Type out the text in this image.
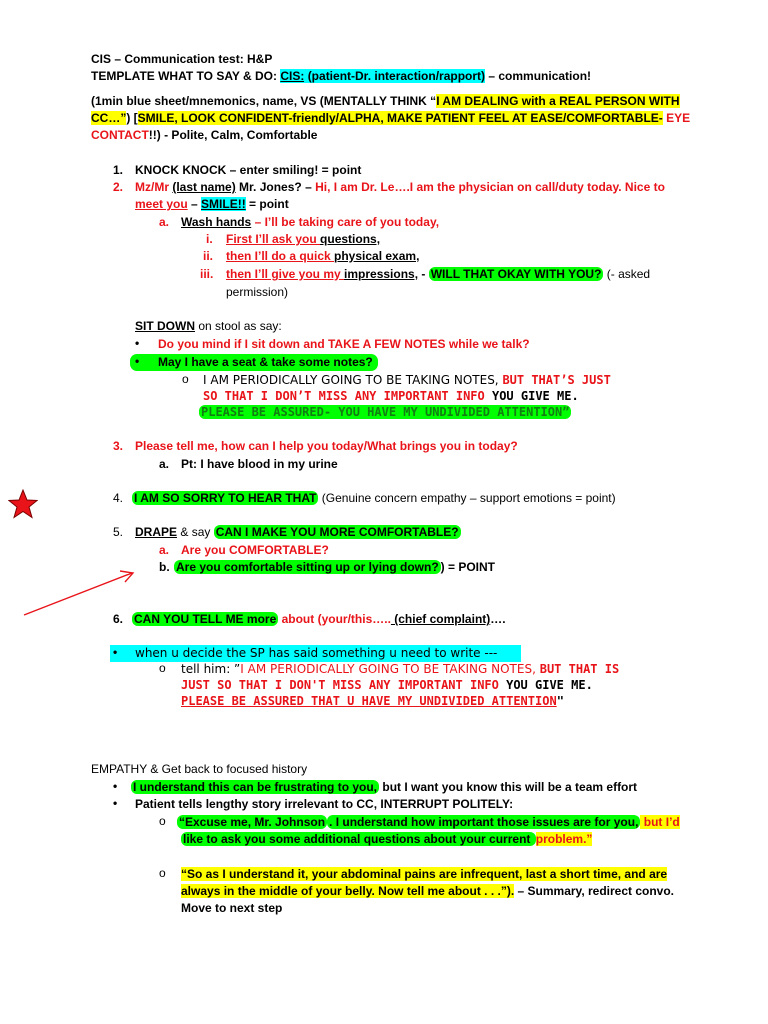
CIS – Communication test: H&P
TEMPLATE WHAT TO SAY & DO: CIS: (patient-Dr. interaction/rapport) – communication!
(1min blue sheet/mnemonics, name, VS (MENTALLY THINK “I AM DEALING with a REAL PERSON WITH
CC…”) [SMILE, LOOK CONFIDENT-friendly/ALPHA, MAKE PATIENT FEEL AT EASE/COMFORTABLE- EYE
CONTACT!!) - Polite, Calm, Comfortable
1. KNOCK KNOCK – enter smiling! = point
2. Mz/Mr (last name) Mr. Jones? – Hi, I am Dr. Le….I am the physician on call/duty today. Nice to
meet you – SMILE!! = point
a. Wash hands – I’ll be taking care of you today,
i. First I’ll ask you questions,
ii. then I’ll do a quick physical exam,
iii. then I’ll give you my impressions, - WILL THAT OKAY WITH YOU? (- asked
permission)
SIT DOWN on stool as say:
• Do you mind if I sit down and TAKE A FEW NOTES while we talk?
• May I have a seat & take some notes?
o I AM PERIODICALLY GOING TO BE TAKING NOTES, BUT THAT’S JUST
SO THAT I DON’T MISS ANY IMPORTANT INFO YOU GIVE ME.
PLEASE BE ASSURED- YOU HAVE MY UNDIVIDED ATTENTION”
3. Please tell me, how can I help you today/What brings you in today?
a. Pt: I have blood in my urine
4. I AM SO SORRY TO HEAR THAT (Genuine concern empathy – support emotions = point)
5. DRAPE & say CAN I MAKE YOU MORE COMFORTABLE?
a. Are you COMFORTABLE?
b. Are you comfortable sitting up or lying down? ) = POINT
6. CAN YOU TELL ME more about (your/this….. (chief complaint)….
• when u decide the SP has said something u need to write ---
o tell him: ”I AM PERIODICALLY GOING TO BE TAKING NOTES, BUT THAT IS
JUST SO THAT I DON'T MISS ANY IMPORTANT INFO YOU GIVE ME.
PLEASE BE ASSURED THAT U HAVE MY UNDIVIDED ATTENTION"
EMPATHY & Get back to focused history
• I understand this can be frustrating to you, but I want you know this will be a team effort
• Patient tells lengthy story irrelevant to CC, INTERRUPT POLITELY:
o “Excuse me, Mr. Johnson . I understand how important those issues are for you, but I’d
like to ask you some additional questions about your current problem.”
o “So as I understand it, your abdominal pains are infrequent, last a short time, and are
always in the middle of your belly. Now tell me about . . .”). – Summary, redirect convo.
Move to next step
